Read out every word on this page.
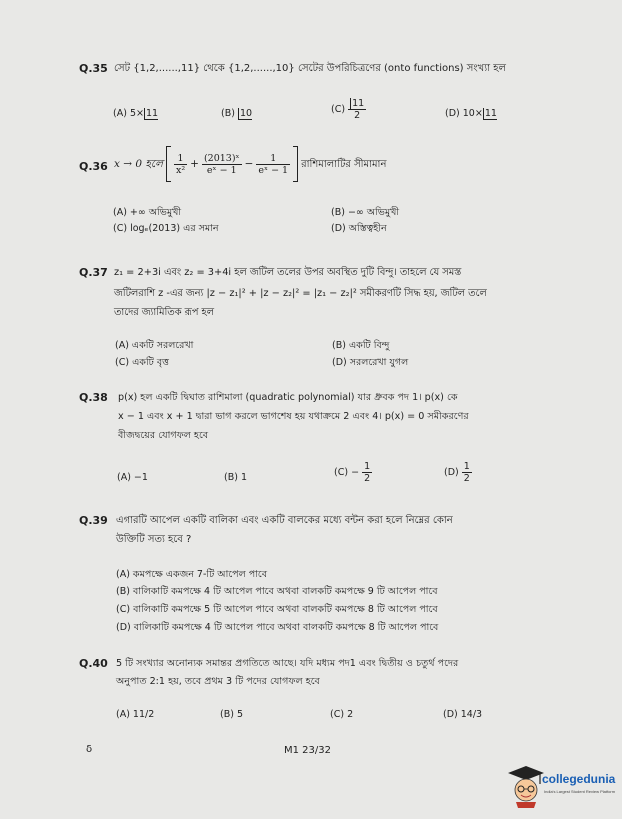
Q.35 সেট {1,2,......,11} থেকে {1,2,......,10} সেটের উপরিচিত্রণের (onto functions) সংখ্যা হল
(A) 5× 11	(B) 10	$(C) \frac{11}{2}$	(D) 10× 11
Q.36 x → 0 হলে $\frac{1}{\text{x²}} + \frac{\text{(2013)ˣ}}{\text{eˣ − 1}} - \frac{1}{\text{eˣ − 1}}$ রাশিমালাটির সীমামান
(A) +∞ অভিমুখী	(B) −∞ অভিমুখী
(C) logₑ(2013) এর সমান	(D) অস্তিত্বহীন
Q.37 z₁ = 2+3i এবং z₂ = 3+4i হল জটিল তলের উপর অবস্থিত দুটি বিন্দু। তাহলে যে সমস্ত
জটিলরাশি z -এর জন্য |z − z₁|² + |z − z₂|² = |z₁ − z₂|² সমীকরণটি সিদ্ধ হয়, জটিল তলে
তাদের জ্যামিতিক রূপ হল
(A) একটি সরলরেখা	(B) একটি বিন্দু
(C) একটি বৃত্ত	(D) সরলরেখা যুগল
Q.38 p(x) হল একটি দ্বিঘাত রাশিমালা (quadratic polynomial) যার ধ্রুবক পদ 1। p(x) কে
x − 1 এবং x + 1 দ্বারা ভাগ করলে ভাগশেষ হয় যথাক্রমে 2 এবং 4। p(x) = 0 সমীকরণের
বীজদ্বয়ের যোগফল হবে
(A) −1	(B) 1	$(C) - \frac{1}{2}$	$(D) \frac{1}{2}$
Q.39 এগারটি আপেল একটি বালিকা এবং একটি বালকের মধ্যে বন্টন করা হলে নিম্নের কোন
উক্তিটি সত্য হবে ?
(A) কমপক্ষে একজন 7-টি আপেল পাবে
(B) বালিকাটি কমপক্ষে 4 টি আপেল পাবে অথবা বালকটি কমপক্ষে 9 টি আপেল পাবে
(C) বালিকাটি কমপক্ষে 5 টি আপেল পাবে অথবা বালকটি কমপক্ষে 8 টি আপেল পাবে
(D) বালিকাটি কমপক্ষে 4 টি আপেল পাবে অথবা বালকটি কমপক্ষে 8 টি আপেল পাবে
Q.40 5 টি সংখ্যার অনোন্যক সমান্তর প্রগতিতে আছে। যদি মধ্যম পদ1 এবং দ্বিতীয় ও চতুর্থ পদের
অনুপাত 2:1 হয়, তবে প্রথম 3 টি পদের যোগফল হবে
(A) 11/2	(B) 5	(C) 2	(D) 14/3
δ	M1 23/32
collegedunia
India's Largest Student Review Platform
